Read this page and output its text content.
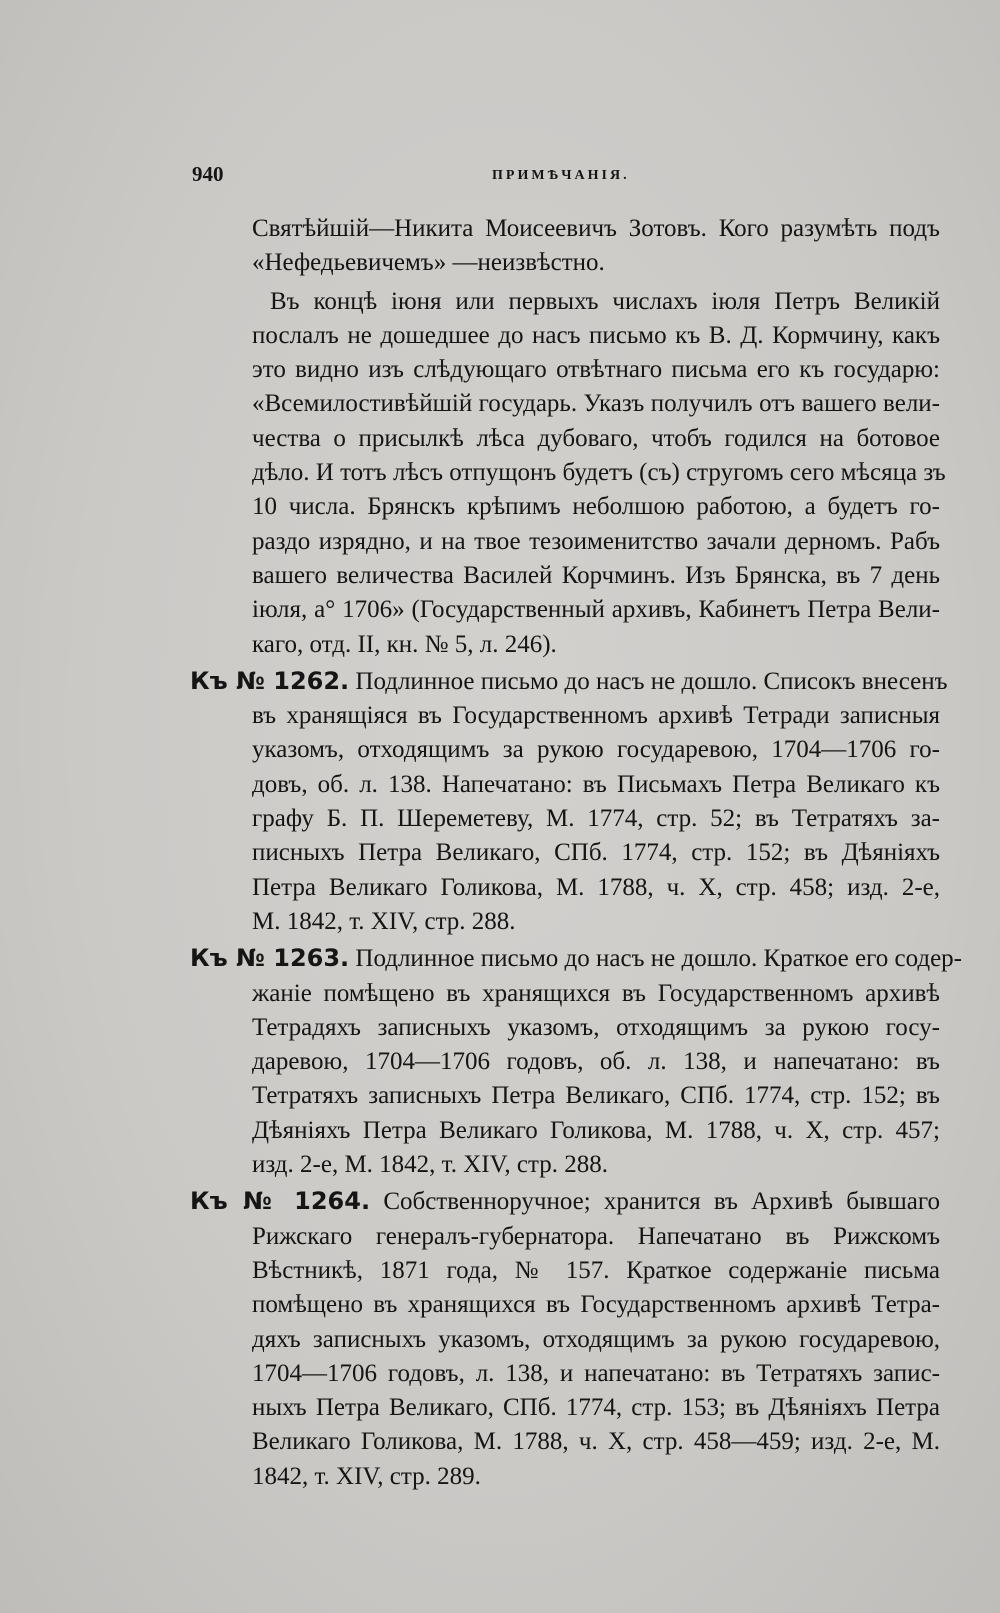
940	ПРИМѢЧАНІЯ.
Святѣйшій—Никита Моисеевичъ Зотовъ. Кого разумѣть подъ
«Нефедьевичемъ» —неизвѣстно.
Въ концѣ іюня или первыхъ числахъ іюля Петръ Великій
послалъ не дошедшее до насъ письмо къ В. Д. Кормчину, какъ
это видно изъ слѣдующаго отвѣтнаго письма его къ государю:
«Всемилостивѣйшій государь. Указъ получилъ отъ вашего вели-
чества о присылкѣ лѣса дубоваго, чтобъ годился на ботовое
дѣло. И тотъ лѣсъ отпущонъ будетъ (съ) стругомъ сего мѣсяца зъ
10 числа. Брянскъ крѣпимъ неболшою работою, а будетъ го-
раздо изрядно, и на твое тезоименитство зачали дерномъ. Рабъ
вашего величества Василей Корчминъ. Изъ Брянска, въ 7 день
іюля, а° 1706» (Государственный архивъ, Кабинетъ Петра Вели-
каго, отд. II, кн. № 5, л. 246).
Къ № 1262. Подлинное письмо до насъ не дошло. Списокъ внесенъ
въ хранящіяся въ Государственномъ архивѣ Тетради записныя
указомъ, отходящимъ за рукою государевою, 1704—1706 го-
довъ, об. л. 138. Напечатано: въ Письмахъ Петра Великаго къ
графу Б. П. Шереметеву, М. 1774, стр. 52; въ Тетратяхъ за-
писныхъ Петра Великаго, СПб. 1774, стр. 152; въ Дѣяніяхъ
Петра Великаго Голикова, М. 1788, ч. X, стр. 458; изд. 2-е,
М. 1842, т. XIV, стр. 288.
Къ № 1263. Подлинное письмо до насъ не дошло. Краткое его содер-
жаніе помѣщено въ хранящихся въ Государственномъ архивѣ
Тетрадяхъ записныхъ указомъ, отходящимъ за рукою госу-
даревою, 1704—1706 годовъ, об. л. 138, и напечатано: въ
Тетратяхъ записныхъ Петра Великаго, СПб. 1774, стр. 152; въ
Дѣяніяхъ Петра Великаго Голикова, М. 1788, ч. X, стр. 457;
изд. 2-е, М. 1842, т. XIV, стр. 288.
Къ № 1264. Собственноручное; хранится въ Архивѣ бывшаго
Рижскаго генералъ-губернатора. Напечатано въ Рижскомъ
Вѣстникѣ, 1871 года, № 157. Краткое содержаніе письма
помѣщено въ хранящихся въ Государственномъ архивѣ Тетра-
дяхъ записныхъ указомъ, отходящимъ за рукою государевою,
1704—1706 годовъ, л. 138, и напечатано: въ Тетратяхъ запис-
ныхъ Петра Великаго, СПб. 1774, стр. 153; въ Дѣяніяхъ Петра
Великаго Голикова, М. 1788, ч. X, стр. 458—459; изд. 2-е, М.
1842, т. XIV, стр. 289.
